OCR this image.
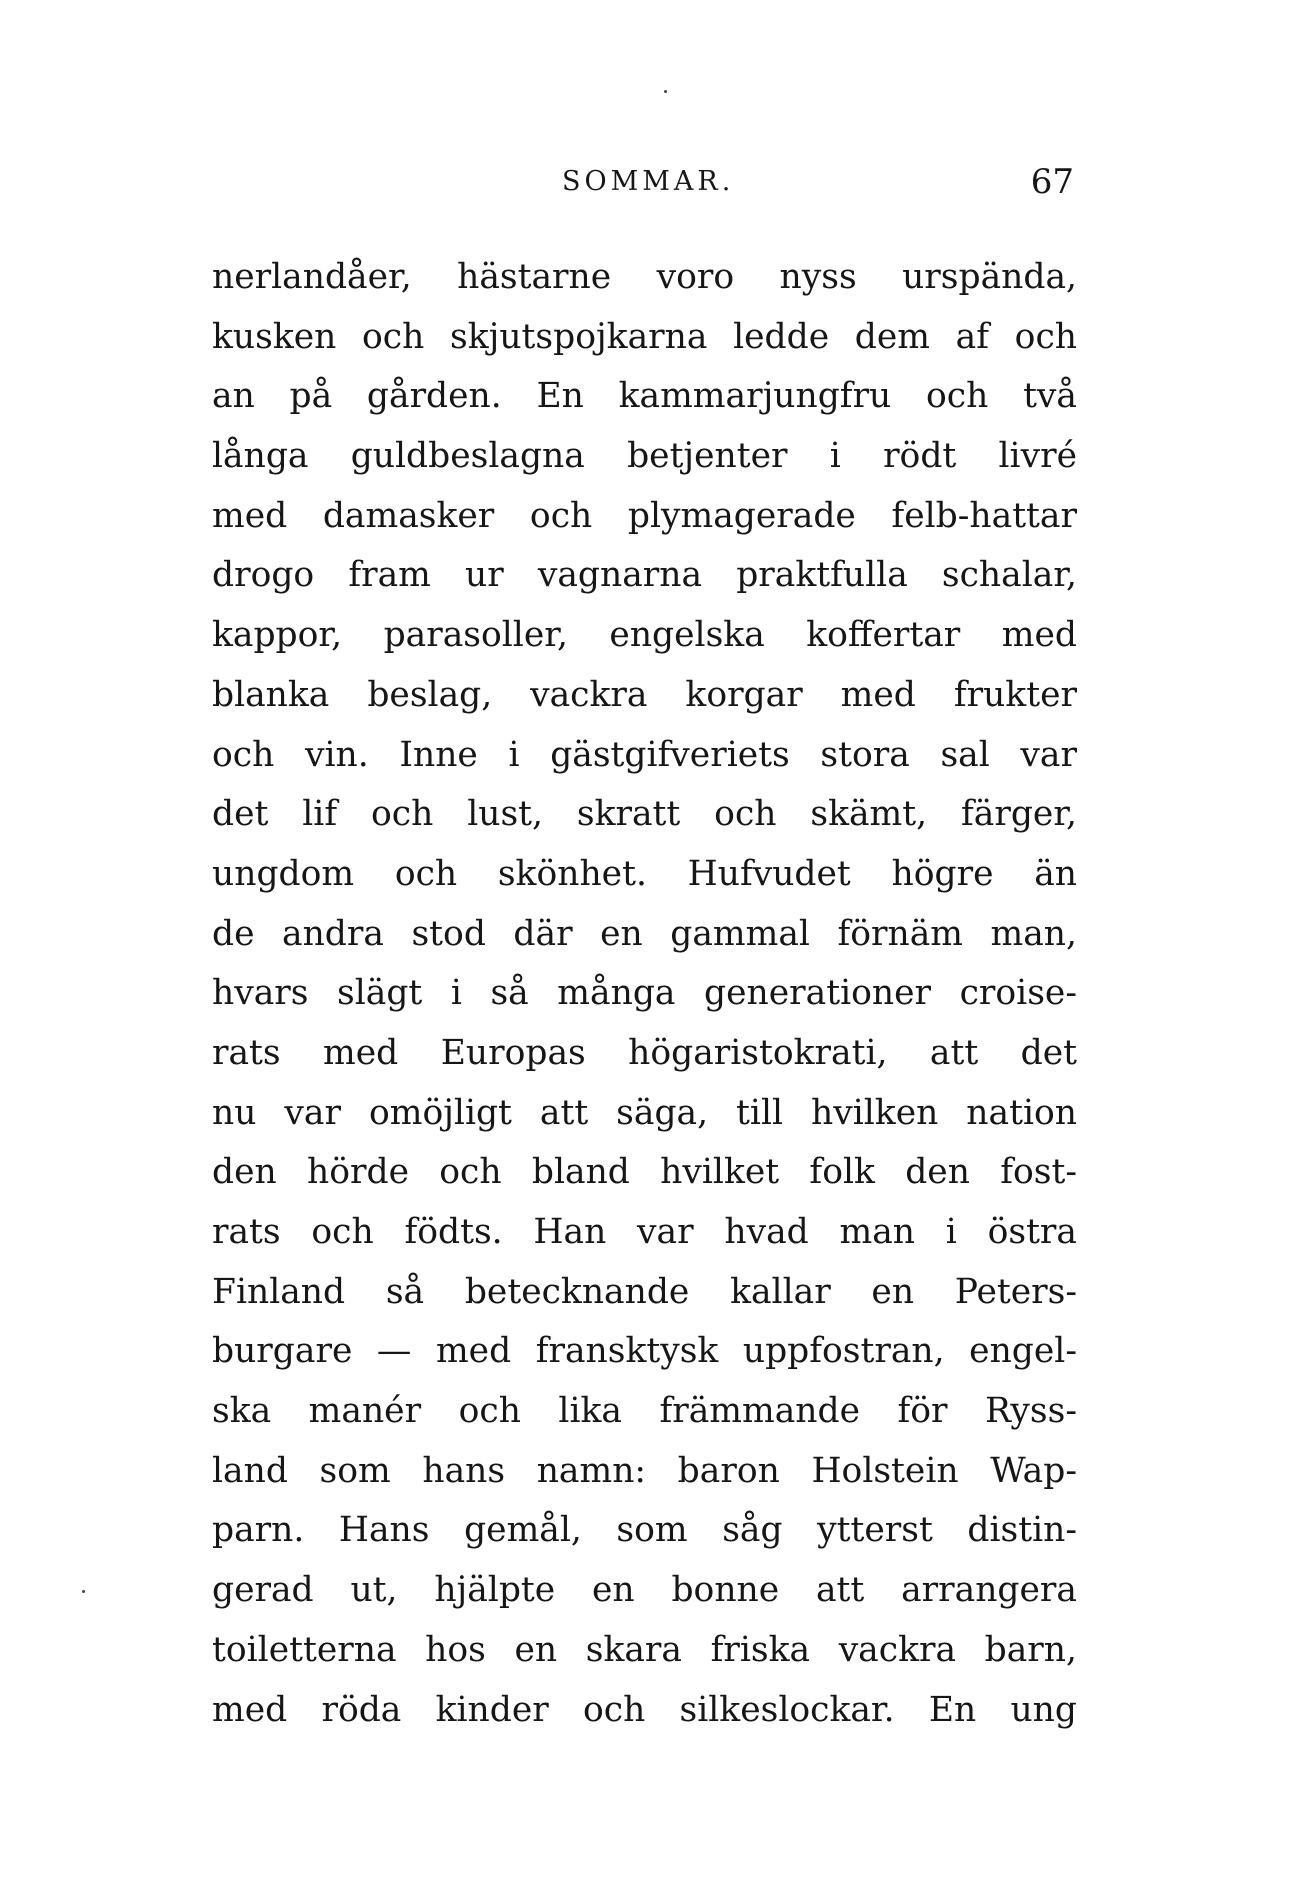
SOMMAR.	67
nerlandåer, hästarne voro nyss urspända,
kusken och skjutspojkarna ledde dem af och
an på gården. En kammarjungfru och två
långa guldbeslagna betjenter i rödt livré
med damasker och plymagerade felb-hattar
drogo fram ur vagnarna praktfulla schalar,
kappor, parasoller, engelska koffertar med
blanka beslag, vackra korgar med frukter
och vin. Inne i gästgifveriets stora sal var
det lif och lust, skratt och skämt, färger,
ungdom och skönhet. Hufvudet högre än
de andra stod där en gammal förnäm man,
hvars slägt i så många generationer croise-
rats med Europas högaristokrati, att det
nu var omöjligt att säga, till hvilken nation
den hörde och bland hvilket folk den fost-
rats och födts. Han var hvad man i östra
Finland så betecknande kallar en Peters-
burgare — med fransktysk uppfostran, engel-
ska manér och lika främmande för Ryss-
land som hans namn: baron Holstein Wap-
parn. Hans gemål, som såg ytterst distin-
gerad ut, hjälpte en bonne att arrangera
toiletterna hos en skara friska vackra barn,
med röda kinder och silkeslockar. En ung
